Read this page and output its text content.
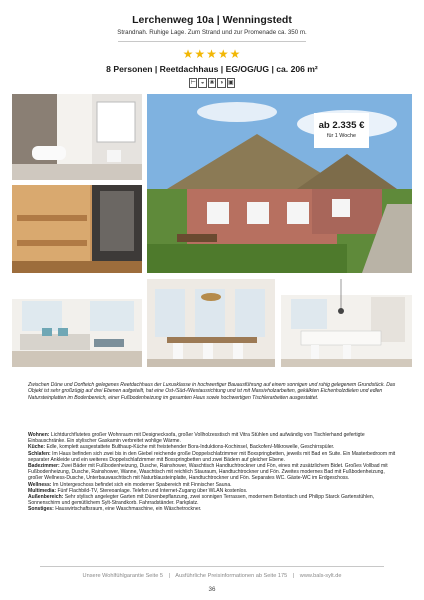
Lerchenweg 10a | Wenningstedt
Strandnah. Ruhige Lage. Zum Strand und zur Promenade ca. 350 m.
★★★★★
8 Personen | Reetdachhaus | EG/OG/UG | ca. 206 m²
⊢ ◒ ❀ ◑ ▣
ab 2.335 €
für 1 Woche
Zwischen Düne und Dorfteich gelegenes Reetdachhaus der Luxusklasse in hochwertiger Bauausführung auf einem sonnigen und ruhig gelegenem Grundstück. Das Objekt ist sehr großzügig auf drei Ebenen aufgeteilt, hat eine Ost-/Süd-/Westausrichtung und ist mit Massivholzarbeiten, gekälkten Eichenholzdielen und edlen Natursteinplatten im Bodenbereich, einer Fußbodenheizung im gesamten Haus sowie hochwertigen Tischlerarbeiten ausgestattet.

Wohnen: Lichtdurchflutetes großer Wohnraum mit Designecksofa, großer Vollholzesstisch mit Vitra Stühlen und aufwändig von Tischlerhand gefertigte Einbauschränke. Ein stylischer Gaskamin verbreitet wohlige Wärme.

Küche: Edle, komplett ausgestattete Bulthaup-Küche mit freistehender Bora-Induktions-Kochinsel, Backofen/-Mikrowelle, Geschirrspüler.

Schlafen: Im Haus befinden sich zwei bis in den Giebel reichende große Doppelschlafzimmer mit Boxspringbetten, jeweils mit Bad en Suite. Ein Masterbedroom mit separater Ankleide und ein weiteres Doppelschlafzimmer mit Boxspringbetten und zwei Bädern auf gleicher Ebene.

Badezimmer: Zwei Bäder mit Fußbodenheizung, Dusche, Rainshower, Waschtisch Handtuchtrockner und Fön, eines mit zusätzlichem Bidet. Großes Vollbad mit Fußbodenheizung, Dusche, Rainshower, Wanne, Waschtisch mit reichlich Stauraum, Handtuchtrockner und Fön. Zweites modernes Bad mit Fußbodenheizung, großer Wellness-Dusche, Unterbauwaschtisch mit Naturblausteinplatte, Handtuchtrockner und Fön. Separates WC. Gäste-WC im Erdgeschoss.

Wellness: Im Untergeschoss befindet sich ein moderner Spabereich mit Finnischer Sauna.

Multimedia: Fünf Flachbild-TV, Stereoanlage. Telefon und Internet-Zugang über WLAN kostenlos.

Außenbereich: Sehr stylisch angelegter Garten mit Dünenbepflanzung, zwei sonnigen Terrassen, modernem Betontisch und Philipp Starck Gartenstühlen, Sonnenschirm und gemütlichem Sylt-Strandkorb. Fahrradständer. Parkplatz.

Sonstiges: Hauswirtschaftsraum, eine Waschmaschine, ein Wäschetrockner.

Unsere Wohlfühlgarantie Seite 5 | Ausführliche Preisinformationen ab Seite 175 | www.bals-sylt.de
36
